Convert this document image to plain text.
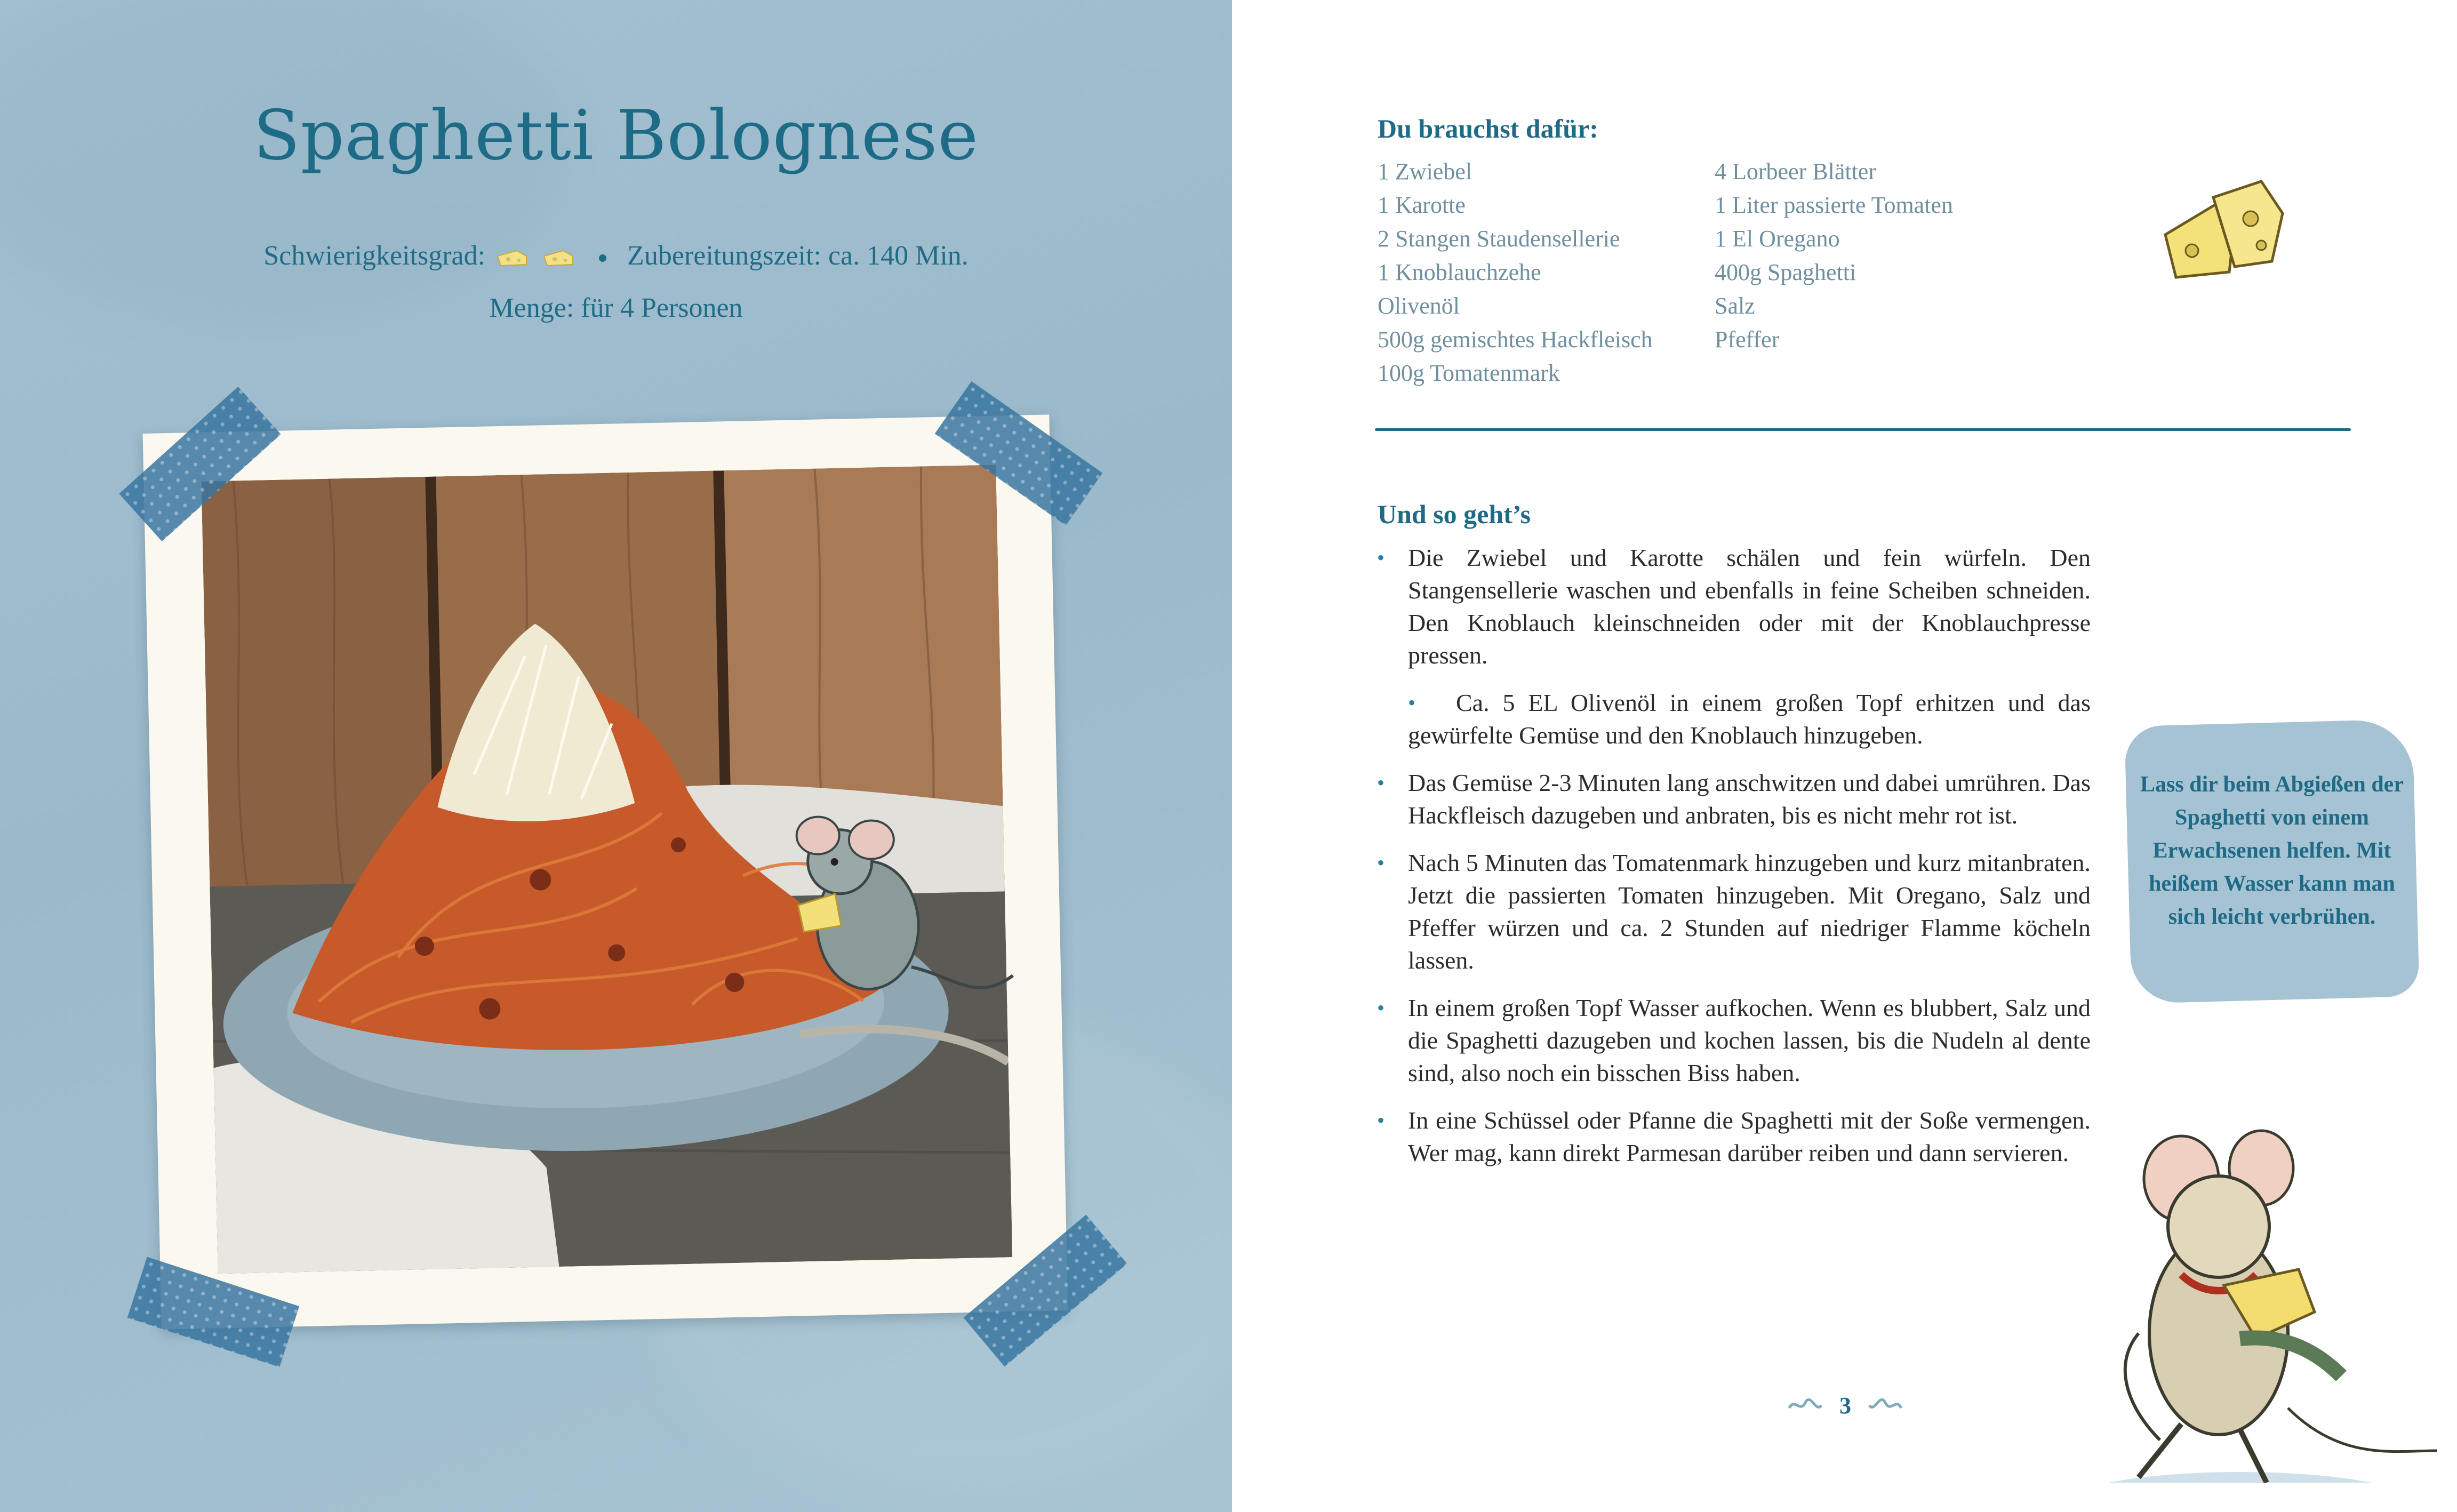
Spaghetti Bolognese
Schwierigkeitsgrad:	Zubereitungszeit: ca. 140 Min.
Menge: für 4 Personen
Du brauchst dafür:
1 Zwiebel
1 Karotte
2 Stangen Staudensellerie
1 Knoblauchzehe
Olivenöl
500g gemischtes Hackfleisch
100g Tomatenmark
4 Lorbeer Blätter
1 Liter passierte Tomaten
1 El Oregano
400g Spaghetti
Salz
Pfeffer
Und so geht’s
• Die Zwiebel und Karotte schälen und fein würfeln. Den Stangensellerie waschen und ebenfalls in feine Scheiben schneiden. Den Knoblauch kleinschneiden oder mit der Knoblauchpresse pressen.
• Ca. 5 EL Olivenöl in einem großen Topf erhitzen und das gewürfelte Gemüse und den Knoblauch hinzugeben.
• Das Gemüse 2-3 Minuten lang anschwitzen und dabei umrühren. Das Hackfleisch dazugeben und anbraten, bis es nicht mehr rot ist.
• Nach 5 Minuten das Tomatenmark hinzugeben und kurz mitanbraten. Jetzt die passierten Tomaten hinzugeben. Mit Oregano, Salz und Pfeffer würzen und ca. 2 Stunden auf niedriger Flamme köcheln lassen.
• In einem großen Topf Wasser aufkochen. Wenn es blubbert, Salz und die Spaghetti dazugeben und kochen lassen, bis die Nudeln al dente sind, also noch ein bisschen Biss haben.
• In eine Schüssel oder Pfanne die Spaghetti mit der Soße vermengen. Wer mag, kann direkt Parmesan darüber reiben und dann servieren.
Lass dir beim Abgießen der Spaghetti von einem Erwachsenen helfen. Mit heißem Wasser kann man sich leicht verbrühen.
3
